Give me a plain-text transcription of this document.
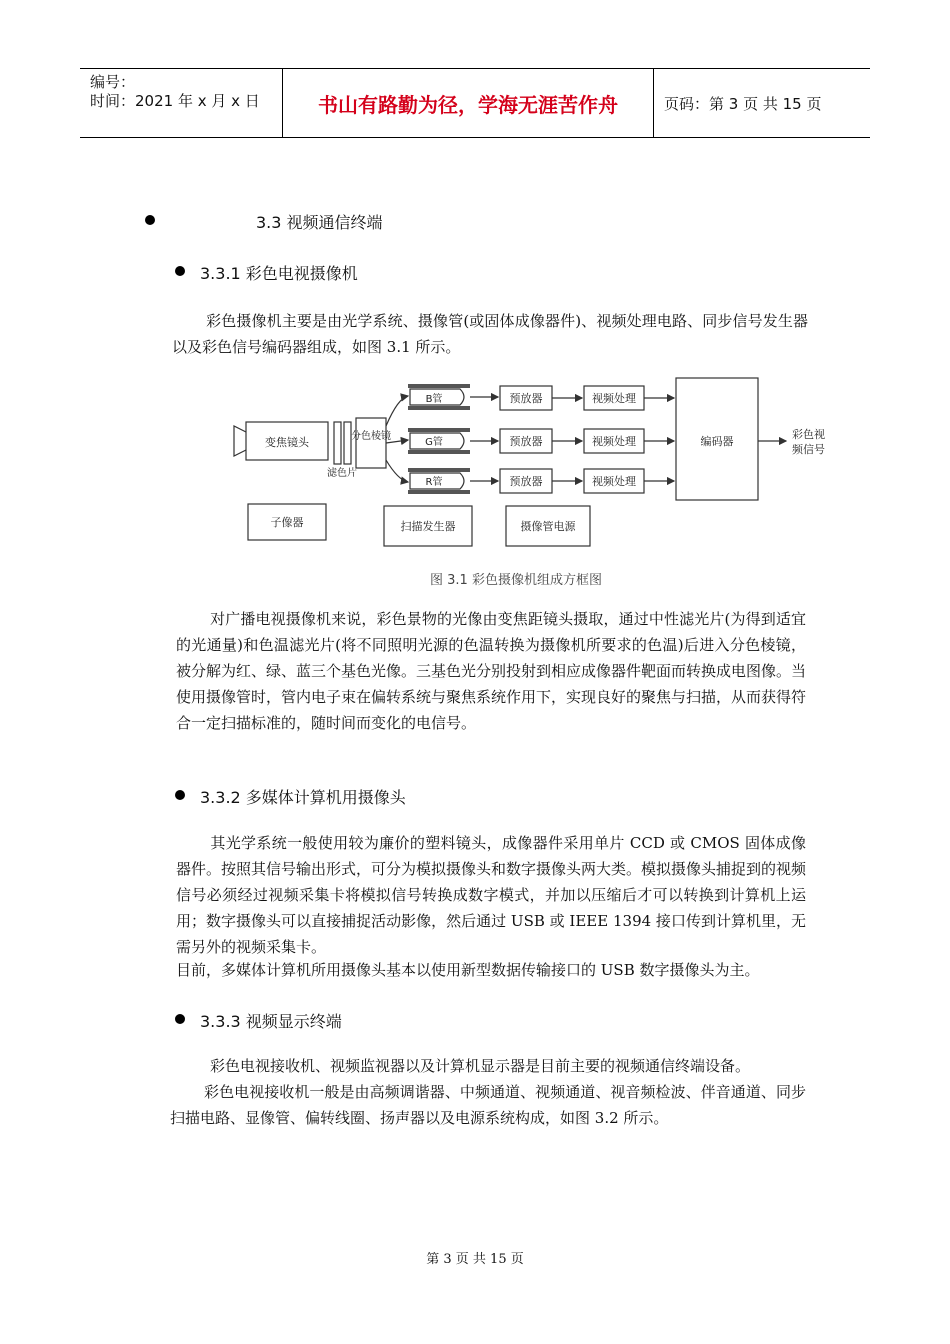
编号：
时间：2021 年 x 月 x 日	书山有路勤为径，学海无涯苦作舟	页码：第 3 页 共 15 页
3.3 视频通信终端
3.3.1 彩色电视摄像机
彩色摄像机主要是由光学系统、摄像管(或固体成像器件)、视频处理电路、同步信号发生器以及彩色信号编码器组成，如图 3.1 所示。
变焦镜头
滤色片
分色棱镜
B管
G管
R管
预放器
预放器
预放器
视频处理
视频处理
视频处理
编码器
彩色视
频信号
子像器	扫描发生器	摄像管电源
图 3.1 彩色摄像机组成方框图
对广播电视摄像机来说，彩色景物的光像由变焦距镜头摄取，通过中性滤光片(为得到适宜的光通量)和色温滤光片(将不同照明光源的色温转换为摄像机所要求的色温)后进入分色棱镜，被分解为红、绿、蓝三个基色光像。三基色光分别投射到相应成像器件靶面而转换成电图像。当使用摄像管时，管内电子束在偏转系统与聚焦系统作用下，实现良好的聚焦与扫描，从而获得符合一定扫描标准的，随时间而变化的电信号。
3.3.2 多媒体计算机用摄像头
其光学系统一般使用较为廉价的塑料镜头，成像器件采用单片 CCD 或 CMOS 固体成像器件。按照其信号输出形式，可分为模拟摄像头和数字摄像头两大类。模拟摄像头捕捉到的视频信号必须经过视频采集卡将模拟信号转换成数字模式，并加以压缩后才可以转换到计算机上运用；数字摄像头可以直接捕捉活动影像，然后通过 USB 或 IEEE 1394 接口传到计算机里，无需另外的视频采集卡。
目前，多媒体计算机所用摄像头基本以使用新型数据传输接口的 USB 数字摄像头为主。
3.3.3 视频显示终端
彩色电视接收机、视频监视器以及计算机显示器是目前主要的视频通信终端设备。
彩色电视接收机一般是由高频调谐器、中频通道、视频通道、视音频检波、伴音通道、同步扫描电路、显像管、偏转线圈、扬声器以及电源系统构成，如图 3.2 所示。
第 3 页 共 15 页
